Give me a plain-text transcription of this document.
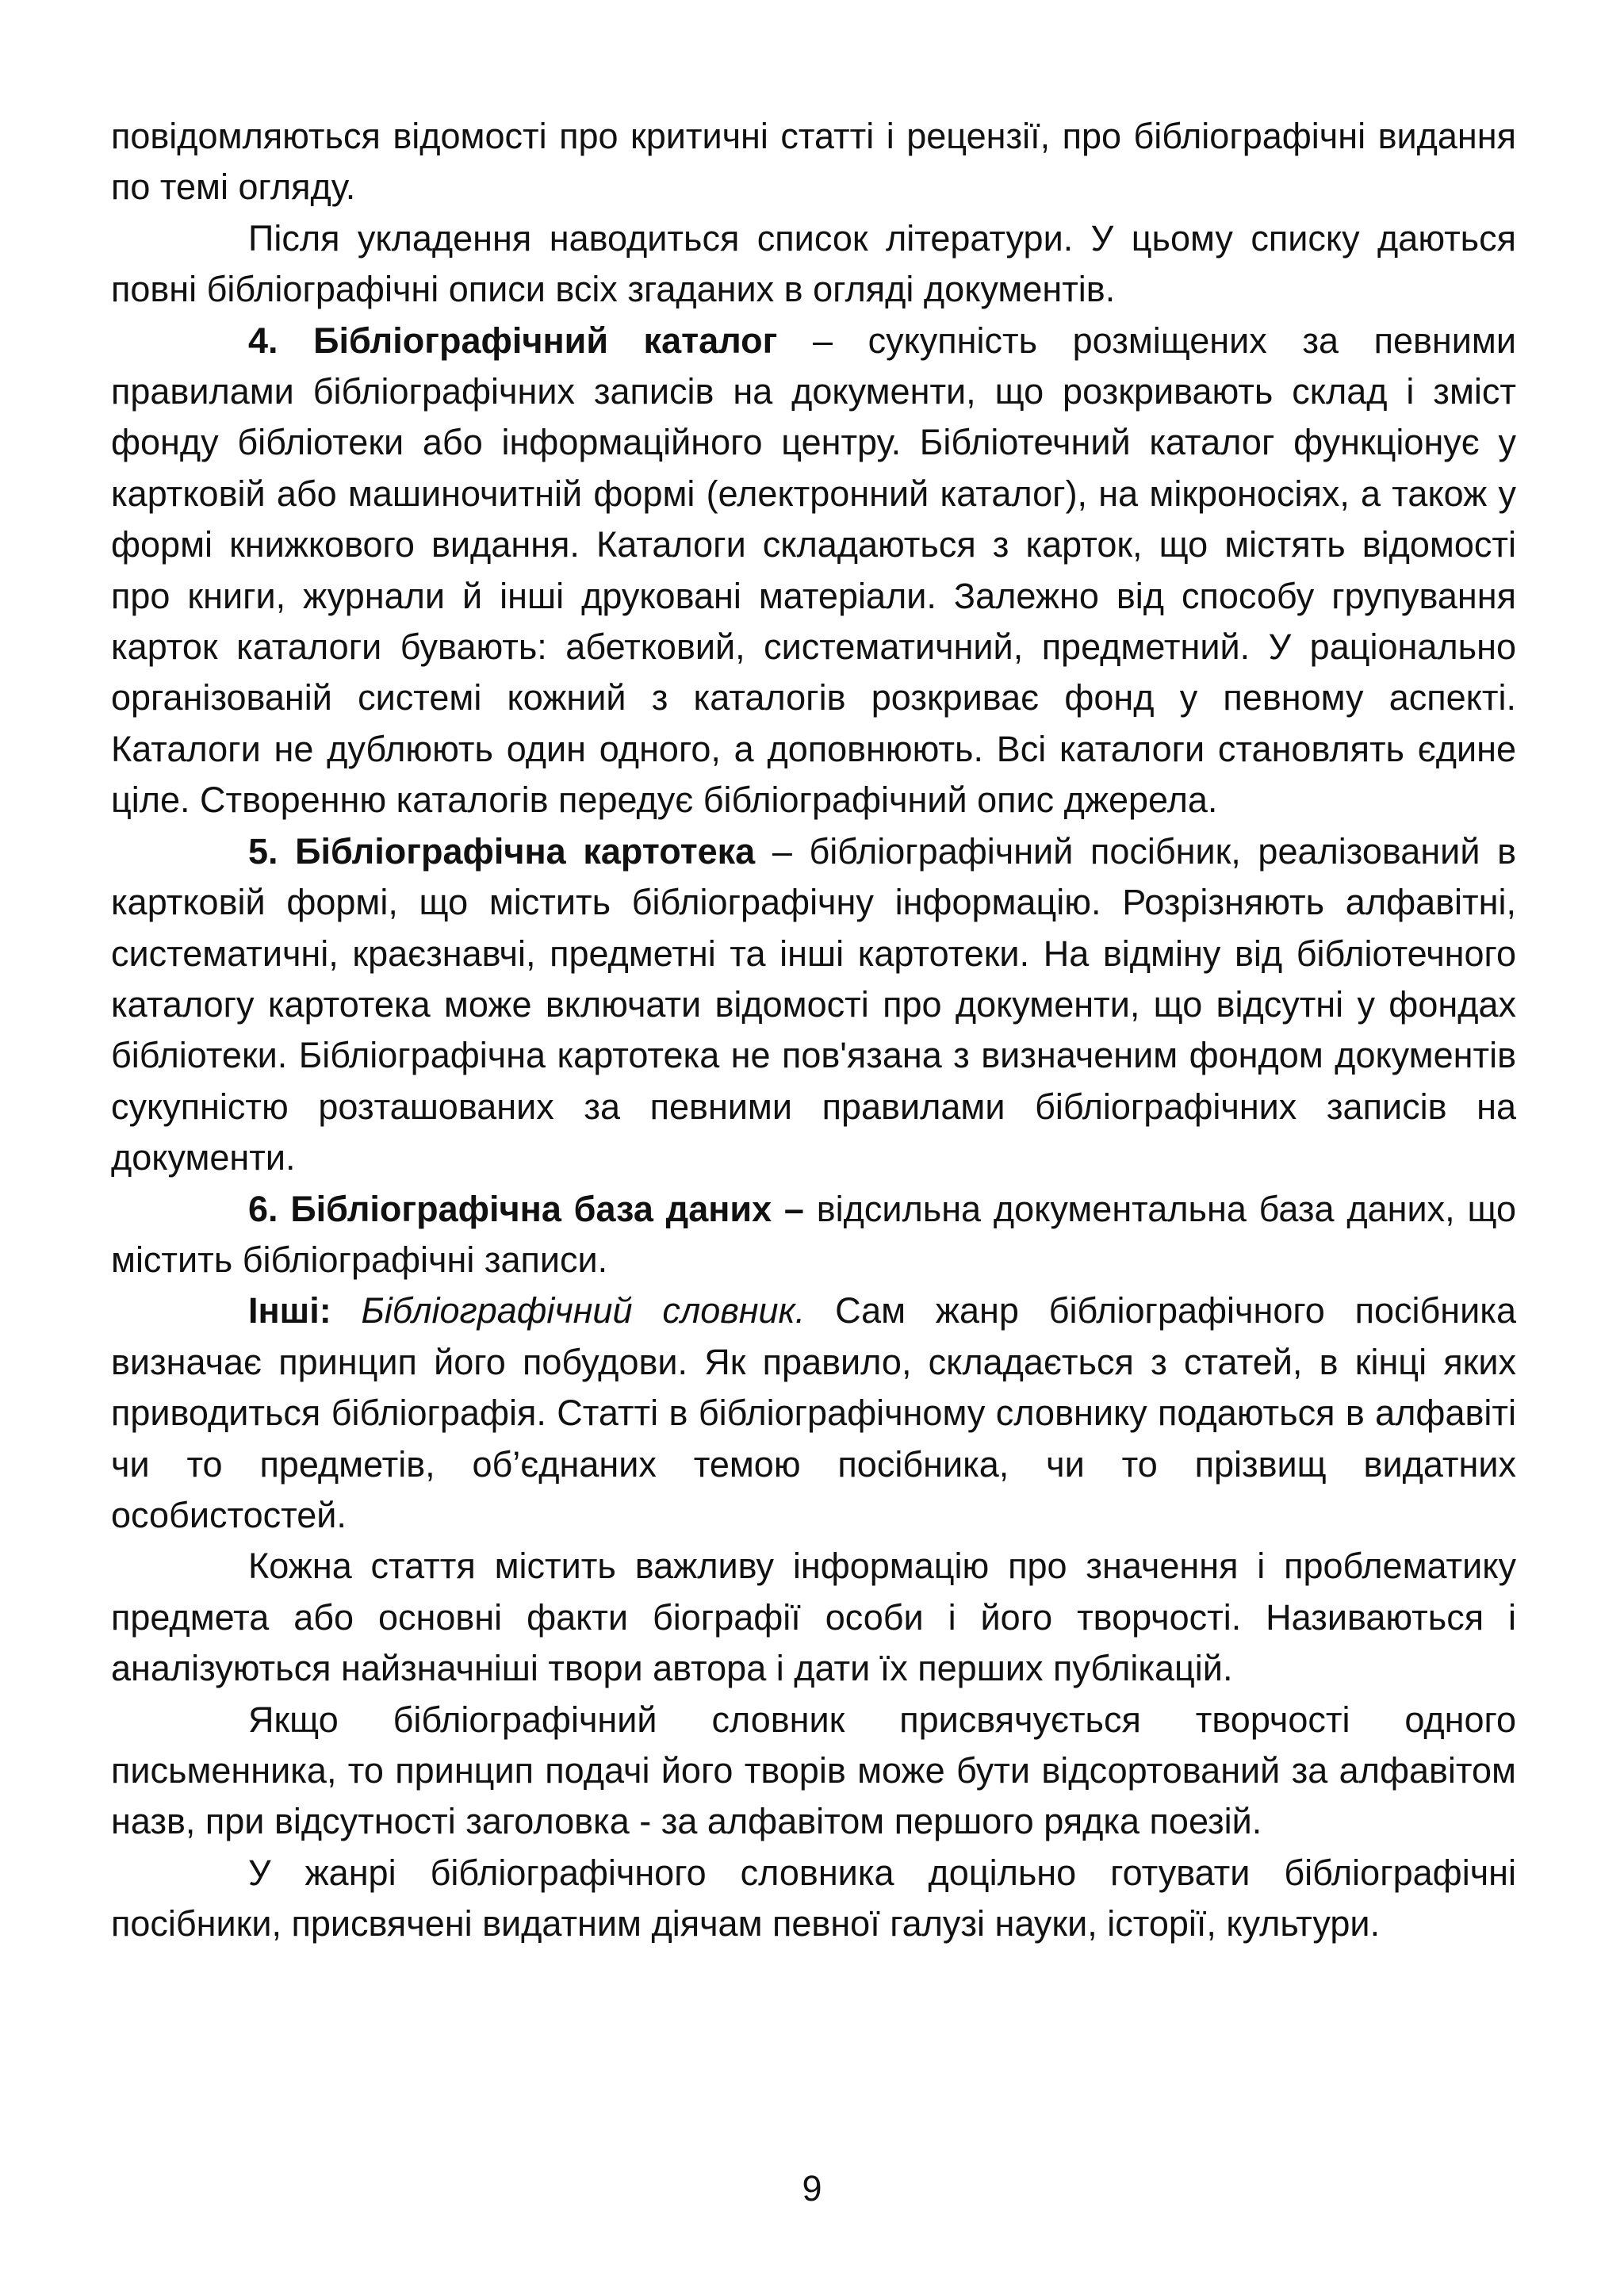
повідомляються відомості про критичні статті і рецензії, про бібліографічні видання по темі огляду.

Після укладення наводиться список літератури. У цьому списку даються повні бібліографічні описи всіх згаданих в огляді документів.

4. Бібліографічний каталог – сукупність розміщених за певними правилами бібліографічних записів на документи, що розкривають склад і зміст фонду бібліотеки або інформаційного центру. Бібліотечний каталог функціонує у картковій або машиночитній формі (електронний каталог), на мікроносіях, а також у формі книжкового видання. Каталоги складаються з карток, що містять відомості про книги, журнали й інші друковані матеріали. Залежно від способу групування карток каталоги бувають: абетковий, систематичний, предметний. У раціонально організованій системі кожний з каталогів розкриває фонд у певному аспекті. Каталоги не дублюють один одного, а доповнюють. Всі каталоги становлять єдине ціле. Створенню каталогів передує бібліографічний опис джерела.

5. Бібліографічна картотека – бібліографічний посібник, реалізований в картковій формі, що містить бібліографічну інформацію. Розрізняють алфавітні, систематичні, краєзнавчі, предметні та інші картотеки. На відміну від бібліотечного каталогу картотека може включати відомості про документи, що відсутні у фондах бібліотеки. Бібліографічна картотека не пов'язана з визначеним фондом документів сукупністю розташованих за певними правилами бібліографічних записів на документи.

6. Бібліографічна база даних – відсильна документальна база даних, що містить бібліографічні записи.

Інші: Бібліографічний словник. Сам жанр бібліографічного посібника визначає принцип його побудови. Як правило, складається з статей, в кінці яких приводиться бібліографія. Статті в бібліографічному словнику подаються в алфавіті чи то предметів, об’єднаних темою посібника, чи то прізвищ видатних особистостей.

Кожна стаття містить важливу інформацію про значення і проблематику предмета або основні факти біографії особи і його творчості. Називаються і аналізуються найзначніші твори автора і дати їх перших публікацій.

Якщо бібліографічний словник присвячується творчості одного письменника, то принцип подачі його творів може бути відсортований за алфавітом назв, при відсутності заголовка - за алфавітом першого рядка поезій.

У жанрі бібліографічного словника доцільно готувати бібліографічні посібники, присвячені видатним діячам певної галузі науки, історії, культури.

9
